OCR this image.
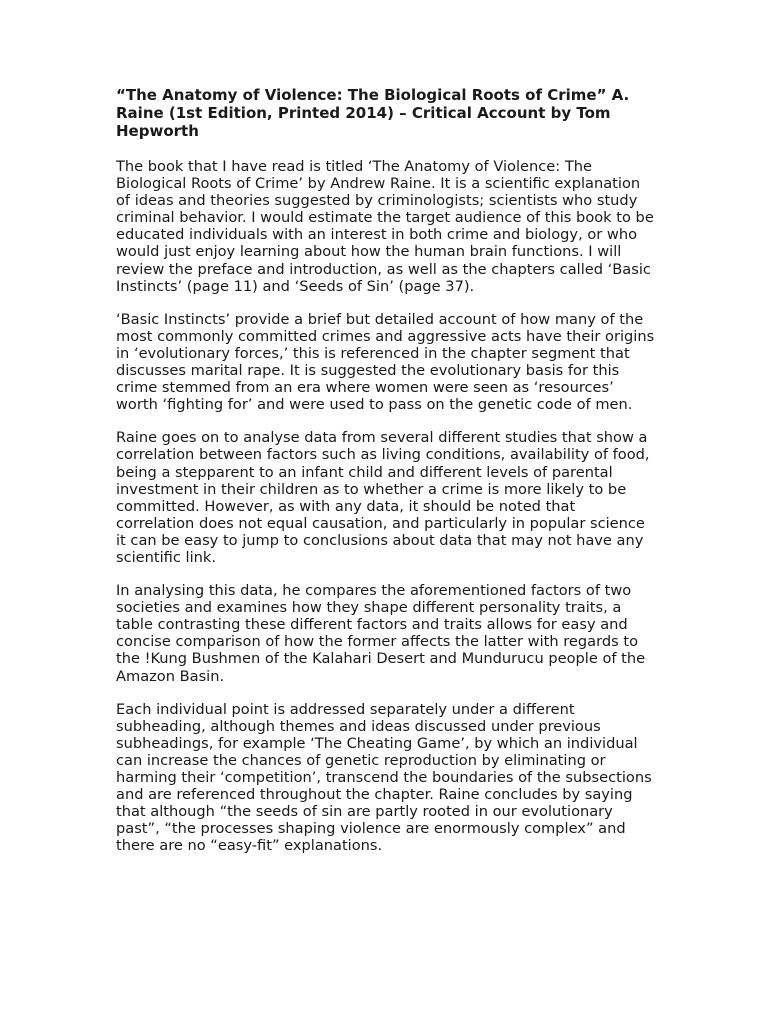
“The Anatomy of Violence: The Biological Roots of Crime” A. Raine (1st Edition, Printed 2014) – Critical Account by Tom Hepworth

The book that I have read is titled ‘The Anatomy of Violence: The Biological Roots of Crime’ by Andrew Raine. It is a scientific explanation of ideas and theories suggested by criminologists; scientists who study criminal behavior. I would estimate the target audience of this book to be educated individuals with an interest in both crime and biology, or who would just enjoy learning about how the human brain functions. I will review the preface and introduction, as well as the chapters called ‘Basic Instincts’ (page 11) and ‘Seeds of Sin’ (page 37).

‘Basic Instincts’ provide a brief but detailed account of how many of the most commonly committed crimes and aggressive acts have their origins in ‘evolutionary forces,’ this is referenced in the chapter segment that discusses marital rape. It is suggested the evolutionary basis for this crime stemmed from an era where women were seen as ‘resources’ worth ‘fighting for’ and were used to pass on the genetic code of men.

Raine goes on to analyse data from several different studies that show a correlation between factors such as living conditions, availability of food, being a stepparent to an infant child and different levels of parental investment in their children as to whether a crime is more likely to be committed. However, as with any data, it should be noted that correlation does not equal causation, and particularly in popular science it can be easy to jump to conclusions about data that may not have any scientific link.

In analysing this data, he compares the aforementioned factors of two societies and examines how they shape different personality traits, a table contrasting these different factors and traits allows for easy and concise comparison of how the former affects the latter with regards to the !Kung Bushmen of the Kalahari Desert and Mundurucu people of the Amazon Basin.

Each individual point is addressed separately under a different subheading, although themes and ideas discussed under previous subheadings, for example ‘The Cheating Game’, by which an individual can increase the chances of genetic reproduction by eliminating or harming their ‘competition’, transcend the boundaries of the subsections and are referenced throughout the chapter. Raine concludes by saying that although “the seeds of sin are partly rooted in our evolutionary past”, “the processes shaping violence are enormously complex” and there are no “easy-fit” explanations.
